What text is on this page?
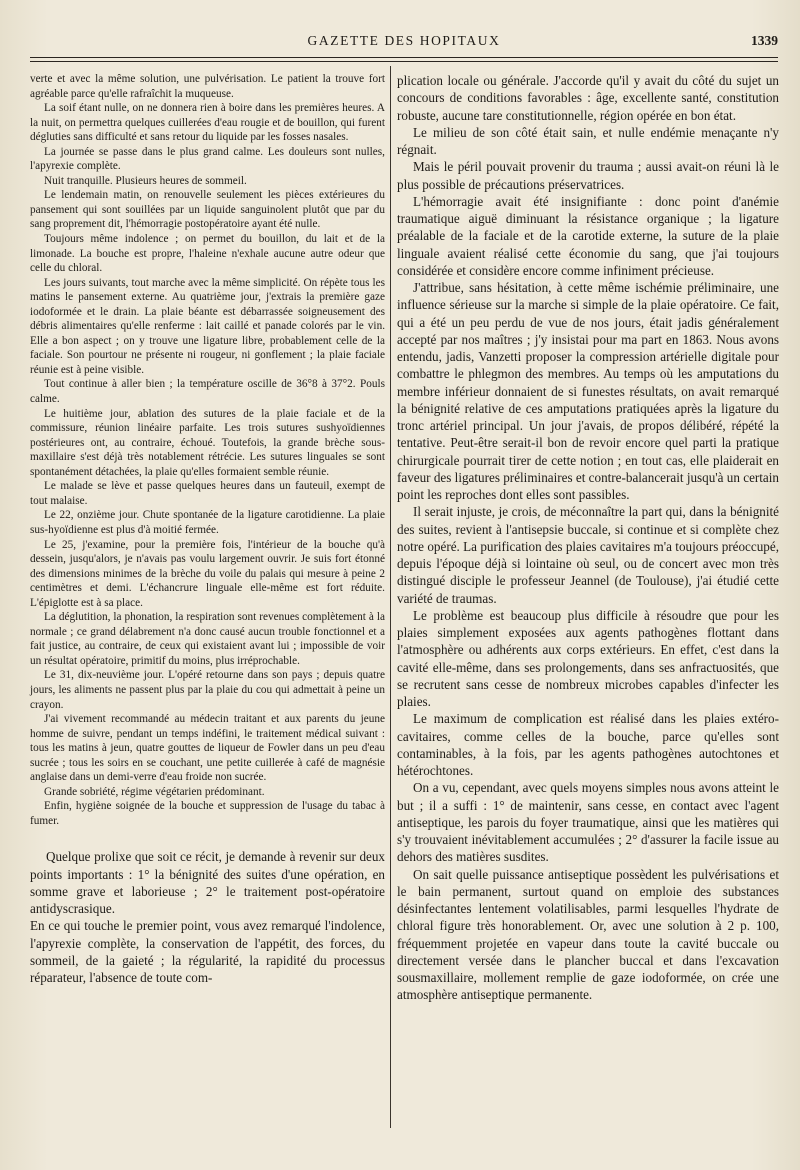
GAZETTE DES HOPITAUX	1339

verte et avec la même solution, une pulvérisation. Le patient la trouve fort agréable parce qu'elle rafraîchit la muqueuse.

La soif étant nulle, on ne donnera rien à boire dans les premières heures. A la nuit, on permettra quelques cuillerées d'eau rougie et de bouillon, qui furent dégluties sans difficulté et sans retour du liquide par les fosses nasales.

La journée se passe dans le plus grand calme. Les douleurs sont nulles, l'apyrexie complète.

Nuit tranquille. Plusieurs heures de sommeil.

Le lendemain matin, on renouvelle seulement les pièces extérieures du pansement qui sont souillées par un liquide sanguinolent plutôt que par du sang proprement dit, l'hémorragie postopératoire ayant été nulle.

Toujours même indolence ; on permet du bouillon, du lait et de la limonade. La bouche est propre, l'haleine n'exhale aucune autre odeur que celle du chloral.

Les jours suivants, tout marche avec la même simplicité. On répète tous les matins le pansement externe. Au quatrième jour, j'extrais la première gaze iodoformée et le drain. La plaie béante est débarrassée soigneusement des débris alimentaires qu'elle renferme : lait caillé et panade colorés par le vin. Elle a bon aspect ; on y trouve une ligature libre, probablement celle de la faciale. Son pourtour ne présente ni rougeur, ni gonflement ; la plaie faciale réunie est à peine visible.

Tout continue à aller bien ; la température oscille de 36°8 à 37°2. Pouls calme.

Le huitième jour, ablation des sutures de la plaie faciale et de la commissure, réunion linéaire parfaite. Les trois sutures sushyoïdiennes postérieures ont, au contraire, échoué. Toutefois, la grande brèche sous-maxillaire s'est déjà très notablement rétrécie. Les sutures linguales se sont spontanément détachées, la plaie qu'elles formaient semble réunie.

Le malade se lève et passe quelques heures dans un fauteuil, exempt de tout malaise.

Le 22, onzième jour. Chute spontanée de la ligature carotidienne. La plaie sus-hyoïdienne est plus d'à moitié fermée.

Le 25, j'examine, pour la première fois, l'intérieur de la bouche qu'à dessein, jusqu'alors, je n'avais pas voulu largement ouvrir. Je suis fort étonné des dimensions minimes de la brèche du voile du palais qui mesure à peine 2 centimètres et demi. L'échancrure linguale elle-même est fort réduite. L'épiglotte est à sa place.

La déglutition, la phonation, la respiration sont revenues complètement à la normale ; ce grand délabrement n'a donc causé aucun trouble fonctionnel et a fait justice, au contraire, de ceux qui existaient avant lui ; impossible de voir un résultat opératoire, primitif du moins, plus irréprochable.

Le 31, dix-neuvième jour. L'opéré retourne dans son pays ; depuis quatre jours, les aliments ne passent plus par la plaie du cou qui admettait à peine un crayon.

J'ai vivement recommandé au médecin traitant et aux parents du jeune homme de suivre, pendant un temps indéfini, le traitement médical suivant : tous les matins à jeun, quatre gouttes de liqueur de Fowler dans un peu d'eau sucrée ; tous les soirs en se couchant, une petite cuillerée à café de magnésie anglaise dans un demi-verre d'eau froide non sucrée.

Grande sobriété, régime végétarien prédominant.

Enfin, hygiène soignée de la bouche et suppression de l'usage du tabac à fumer.

Quelque prolixe que soit ce récit, je demande à revenir sur deux points importants : 1° la bénignité des suites d'une opération, en somme grave et laborieuse ; 2° le traitement post-opératoire antidyscrasique.

En ce qui touche le premier point, vous avez remarqué l'indolence, l'apyrexie complète, la conservation de l'appétit, des forces, du sommeil, de la gaieté ; la régularité, la rapidité du processus réparateur, l'absence de toute com-

plication locale ou générale. J'accorde qu'il y avait du côté du sujet un concours de conditions favorables : âge, excellente santé, constitution robuste, aucune tare constitutionnelle, région opérée en bon état.

Le milieu de son côté était sain, et nulle endémie menaçante n'y régnait.

Mais le péril pouvait provenir du trauma ; aussi avait-on réuni là le plus possible de précautions préservatrices.

L'hémorragie avait été insignifiante : donc point d'anémie traumatique aiguë diminuant la résistance organique ; la ligature préalable de la faciale et de la carotide externe, la suture de la plaie linguale avaient réalisé cette économie du sang, que j'ai toujours considérée et considère encore comme infiniment précieuse.

J'attribue, sans hésitation, à cette même ischémie préliminaire, une influence sérieuse sur la marche si simple de la plaie opératoire. Ce fait, qui a été un peu perdu de vue de nos jours, était jadis généralement accepté par nos maîtres ; j'y insistai pour ma part en 1863. Nous avons entendu, jadis, Vanzetti proposer la compression artérielle digitale pour combattre le phlegmon des membres. Au temps où les amputations du membre inférieur donnaient de si funestes résultats, on avait remarqué la bénignité relative de ces amputations pratiquées après la ligature du tronc artériel principal. Un jour j'avais, de propos délibéré, répété la tentative. Peut-être serait-il bon de revoir encore quel parti la pratique chirurgicale pourrait tirer de cette notion ; en tout cas, elle plaiderait en faveur des ligatures préliminaires et contre-balancerait jusqu'à un certain point les reproches dont elles sont passibles.

Il serait injuste, je crois, de méconnaître la part qui, dans la bénignité des suites, revient à l'antisepsie buccale, si continue et si complète chez notre opéré. La purification des plaies cavitaires m'a toujours préoccupé, depuis l'époque déjà si lointaine où seul, ou de concert avec mon très distingué disciple le professeur Jeannel (de Toulouse), j'ai étudié cette variété de traumas.

Le problème est beaucoup plus difficile à résoudre que pour les plaies simplement exposées aux agents pathogènes flottant dans l'atmosphère ou adhérents aux corps extérieurs. En effet, c'est dans la cavité elle-même, dans ses prolongements, dans ses anfractuosités, que se recrutent sans cesse de nombreux microbes capables d'infecter les plaies.

Le maximum de complication est réalisé dans les plaies extéro-cavitaires, comme celles de la bouche, parce qu'elles sont contaminables, à la fois, par les agents pathogènes autochtones et hétérochtones.

On a vu, cependant, avec quels moyens simples nous avons atteint le but ; il a suffi : 1° de maintenir, sans cesse, en contact avec l'agent antiseptique, les parois du foyer traumatique, ainsi que les matières qui s'y trouvaient inévitablement accumulées ; 2° d'assurer la facile issue au dehors des matières susdites.

On sait quelle puissance antiseptique possèdent les pulvérisations et le bain permanent, surtout quand on emploie des substances désinfectantes lentement volatilisables, parmi lesquelles l'hydrate de chloral figure très honorablement. Or, avec une solution à 2 p. 100, fréquemment projetée en vapeur dans toute la cavité buccale ou directement versée dans le plancher buccal et dans l'excavation sousmaxillaire, mollement remplie de gaze iodoformée, on crée une atmosphère antiseptique permanente.
